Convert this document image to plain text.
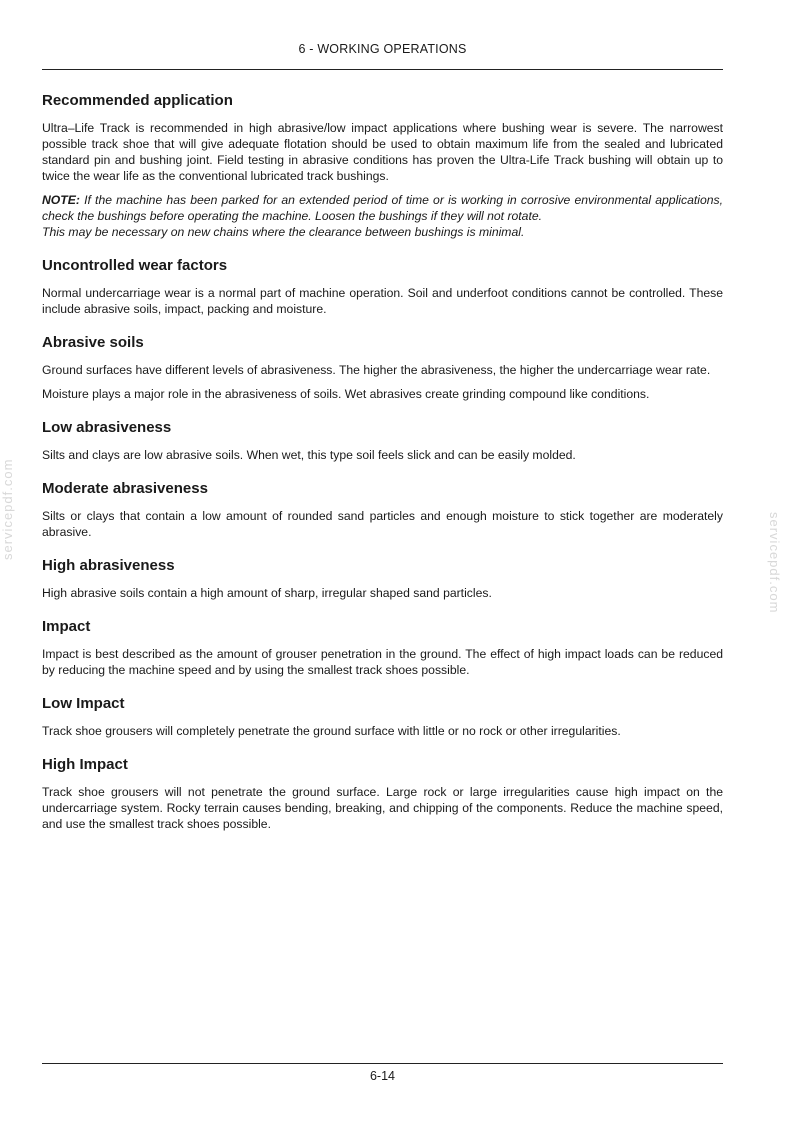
6 - WORKING OPERATIONS
servicepdf.com
servicepdf.com
Recommended application

Ultra–Life Track is recommended in high abrasive/low impact applications where bushing wear is severe. The narrowest possible track shoe that will give adequate flotation should be used to obtain maximum life from the sealed and lubricated standard pin and bushing joint. Field testing in abrasive conditions has proven the Ultra-Life Track bushing will obtain up to twice the wear life as the conventional lubricated track bushings.

NOTE: If the machine has been parked for an extended period of time or is working in corrosive environmental applications, check the bushings before operating the machine. Loosen the bushings if they will not rotate.
This may be necessary on new chains where the clearance between bushings is minimal.

Uncontrolled wear factors

Normal undercarriage wear is a normal part of machine operation. Soil and underfoot conditions cannot be controlled. These include abrasive soils, impact, packing and moisture.

Abrasive soils

Ground surfaces have different levels of abrasiveness. The higher the abrasiveness, the higher the undercarriage wear rate.

Moisture plays a major role in the abrasiveness of soils. Wet abrasives create grinding compound like conditions.

Low abrasiveness

Silts and clays are low abrasive soils. When wet, this type soil feels slick and can be easily molded.

Moderate abrasiveness

Silts or clays that contain a low amount of rounded sand particles and enough moisture to stick together are moderately abrasive.

High abrasiveness

High abrasive soils contain a high amount of sharp, irregular shaped sand particles.

Impact

Impact is best described as the amount of grouser penetration in the ground. The effect of high impact loads can be reduced by reducing the machine speed and by using the smallest track shoes possible.

Low Impact

Track shoe grousers will completely penetrate the ground surface with little or no rock or other irregularities.

High Impact

Track shoe grousers will not penetrate the ground surface. Large rock or large irregularities cause high impact on the undercarriage system. Rocky terrain causes bending, breaking, and chipping of the components. Reduce the machine speed, and use the smallest track shoes possible.

6-14
